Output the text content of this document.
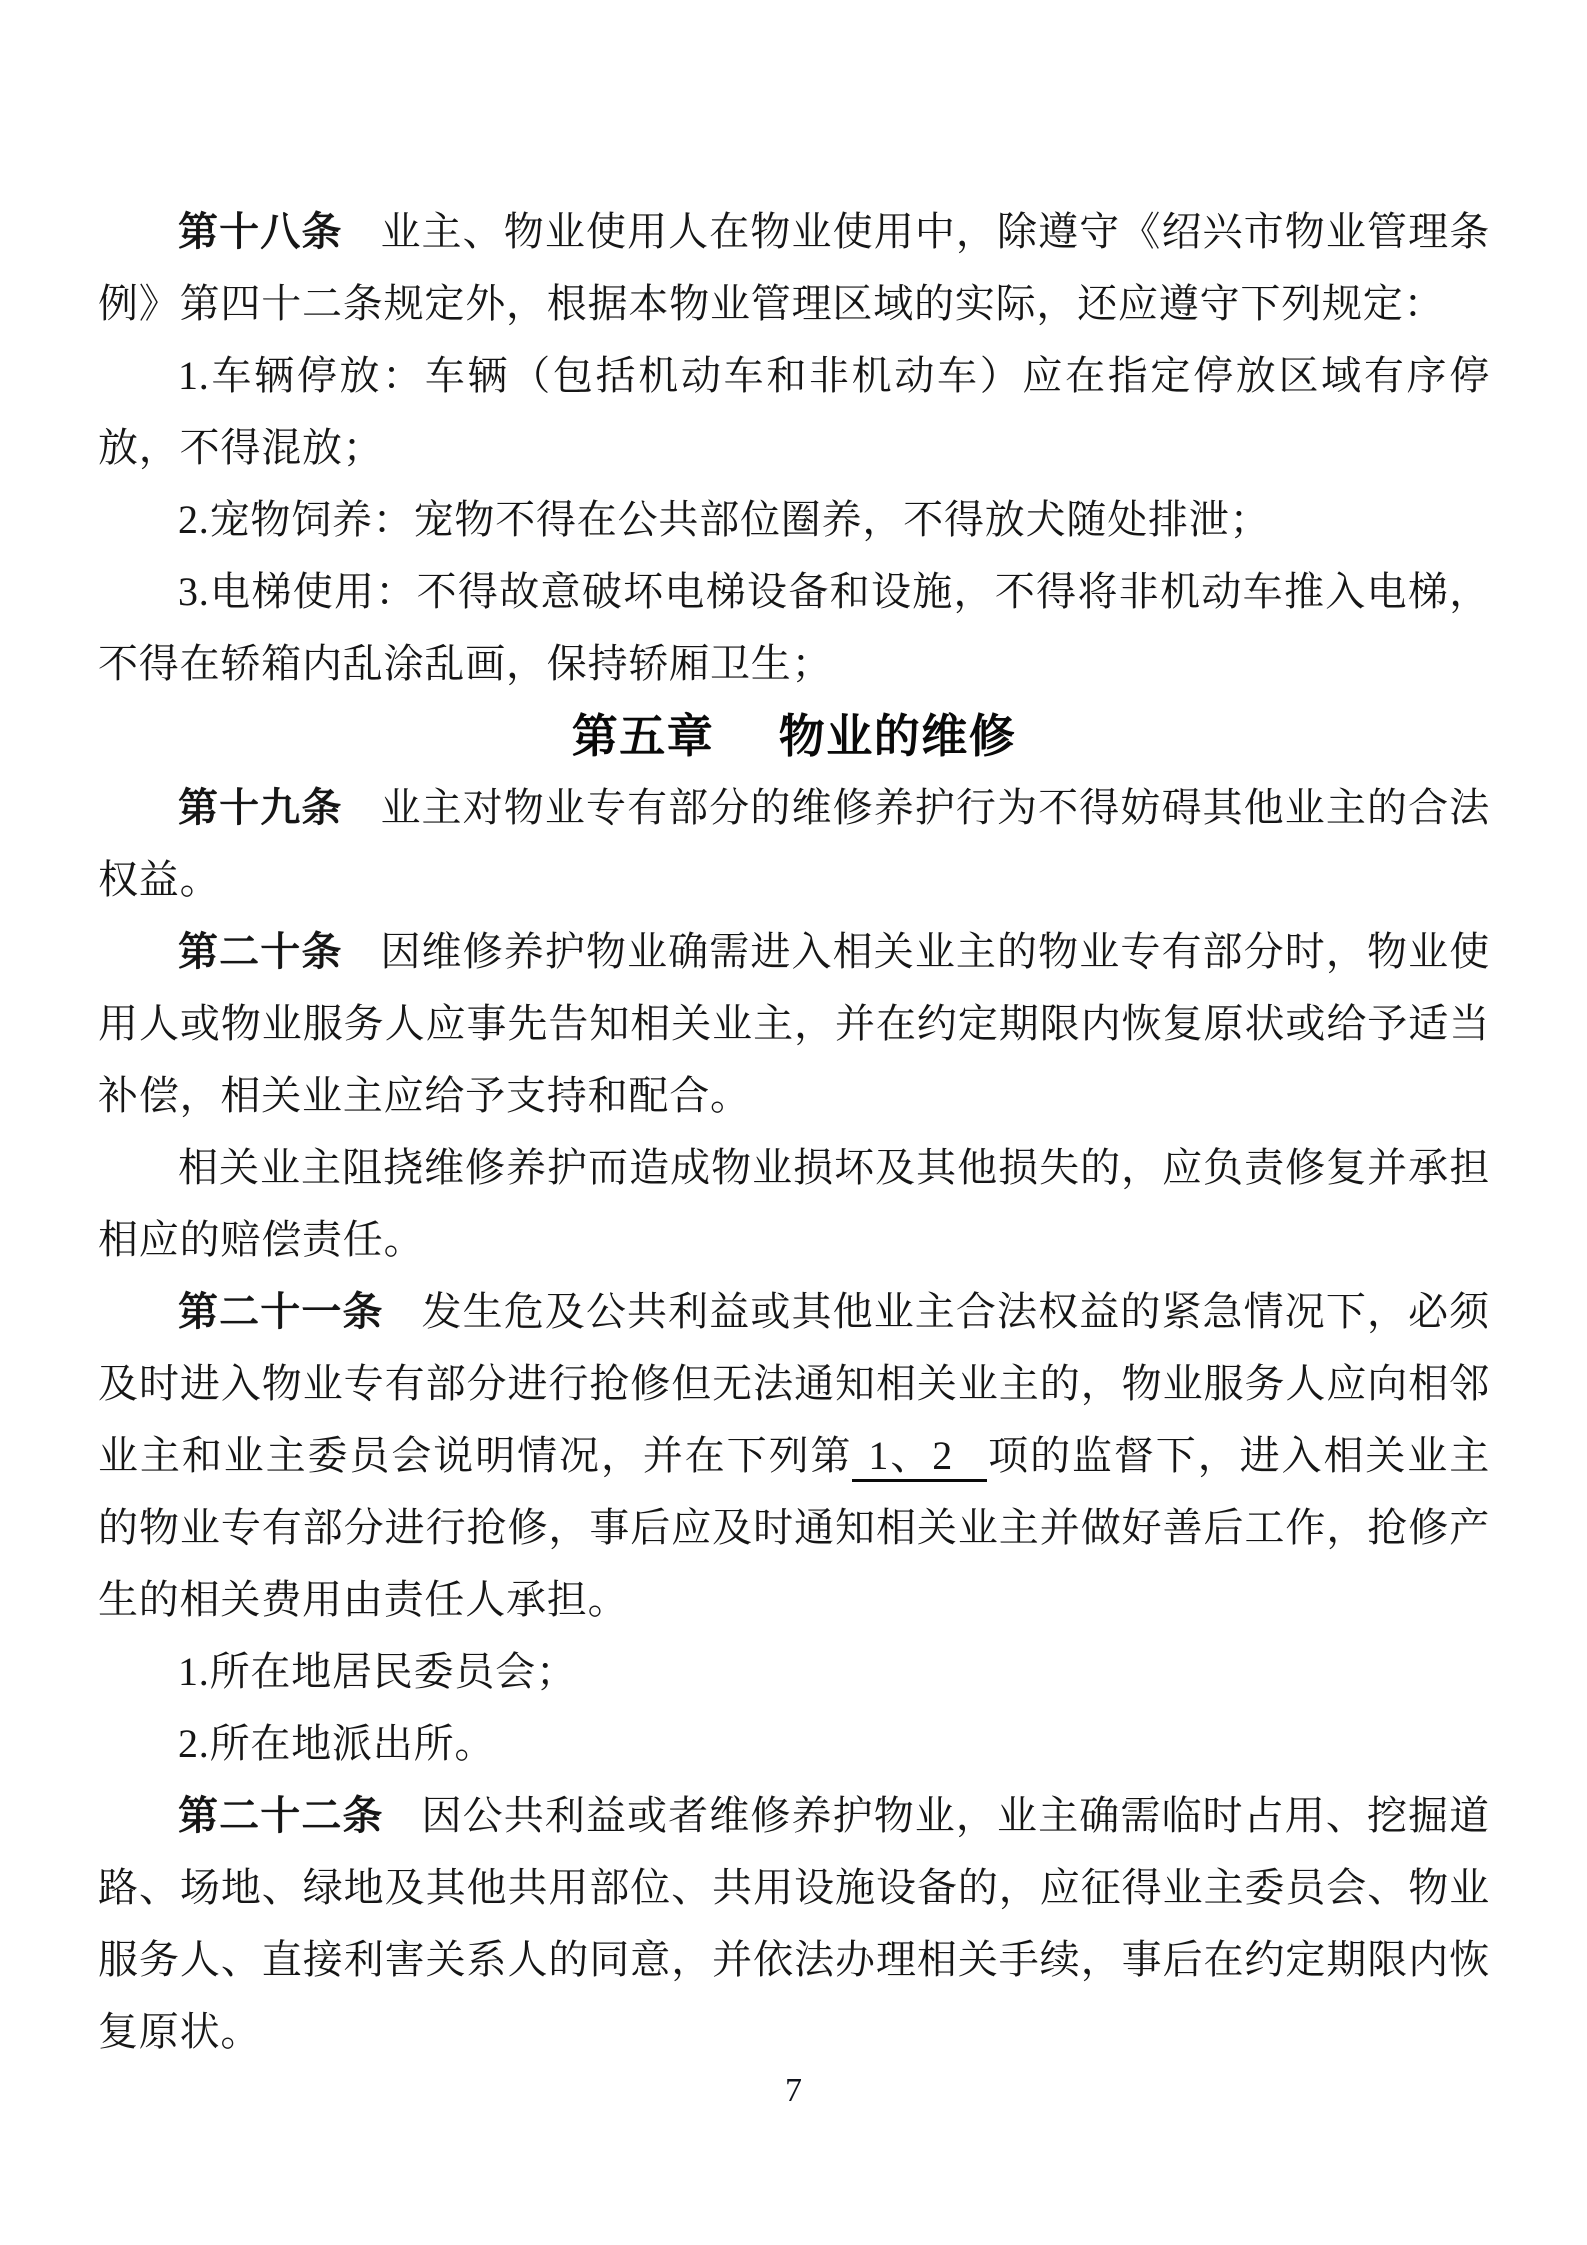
第十八条 业主、物业使用人在物业使用中，除遵守《绍兴市物业管理条例》第四十二条规定外，根据本物业管理区域的实际，还应遵守下列规定：

1.车辆停放：车辆（包括机动车和非机动车）应在指定停放区域有序停放，不得混放；

2.宠物饲养：宠物不得在公共部位圈养，不得放犬随处排泄；

3.电梯使用：不得故意破坏电梯设备和设施，不得将非机动车推入电梯，不得在轿箱内乱涂乱画，保持轿厢卫生；

第五章 物业的维修

第十九条 业主对物业专有部分的维修养护行为不得妨碍其他业主的合法权益。

第二十条 因维修养护物业确需进入相关业主的物业专有部分时，物业使用人或物业服务人应事先告知相关业主，并在约定期限内恢复原状或给予适当补偿，相关业主应给予支持和配合。

相关业主阻挠维修养护而造成物业损坏及其他损失的，应负责修复并承担相应的赔偿责任。

第二十一条 发生危及公共利益或其他业主合法权益的紧急情况下，必须及时进入物业专有部分进行抢修但无法通知相关业主的，物业服务人应向相邻业主和业主委员会说明情况，并在下列第 1、2 项的监督下，进入相关业主的物业专有部分进行抢修，事后应及时通知相关业主并做好善后工作，抢修产生的相关费用由责任人承担。

1.所在地居民委员会；

2.所在地派出所。

第二十二条 因公共利益或者维修养护物业，业主确需临时占用、挖掘道路、场地、绿地及其他共用部位、共用设施设备的，应征得业主委员会、物业服务人、直接利害关系人的同意，并依法办理相关手续，事后在约定期限内恢复原状。

7
